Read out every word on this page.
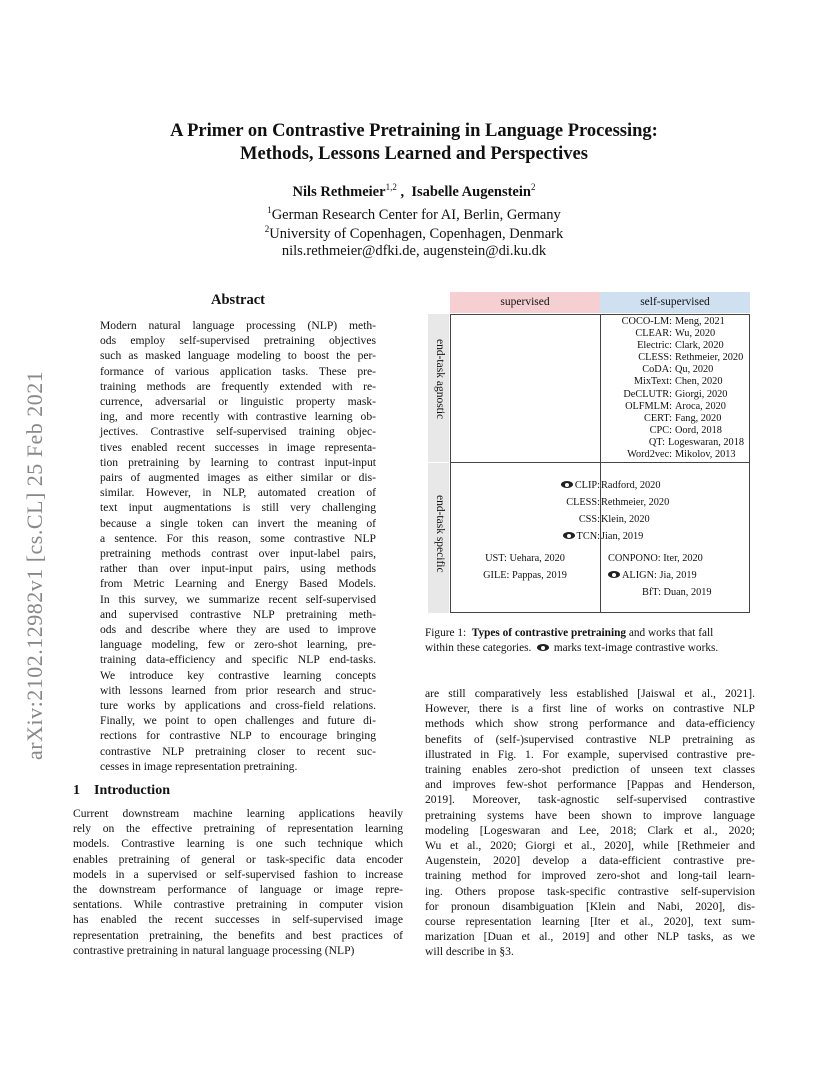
arXiv:2102.12982v1 [cs.CL] 25 Feb 2021
A Primer on Contrastive Pretraining in Language Processing:
Methods, Lessons Learned and Perspectives
Nils Rethmeier$^{1,2}$ ,  Isabelle Augenstein$^2$
$^1$German Research Center for AI, Berlin, Germany
$^2$University of Copenhagen, Copenhagen, Denmark
nils.rethmeier@dfki.de, augenstein@di.ku.dk
Abstract
Modern natural language processing (NLP) meth-
ods employ self-supervised pretraining objectives
such as masked language modeling to boost the per-
formance of various application tasks. These pre-
training methods are frequently extended with re-
currence, adversarial or linguistic property mask-
ing, and more recently with contrastive learning ob-
jectives. Contrastive self-supervised training objec-
tives enabled recent successes in image representa-
tion pretraining by learning to contrast input-input
pairs of augmented images as either similar or dis-
similar. However, in NLP, automated creation of
text input augmentations is still very challenging
because a single token can invert the meaning of
a sentence. For this reason, some contrastive NLP
pretraining methods contrast over input-label pairs,
rather than over input-input pairs, using methods
from Metric Learning and Energy Based Models.
In this survey, we summarize recent self-supervised
and supervised contrastive NLP pretraining meth-
ods and describe where they are used to improve
language modeling, few or zero-shot learning, pre-
training data-efficiency and specific NLP end-tasks.
We introduce key contrastive learning concepts
with lessons learned from prior research and struc-
ture works by applications and cross-field relations.
Finally, we point to open challenges and future di-
rections for contrastive NLP to encourage bringing
contrastive NLP pretraining closer to recent suc-
cesses in image representation pretraining.
1    Introduction
Current downstream machine learning applications heavily
rely on the effective pretraining of representation learning
models. Contrastive learning is one such technique which
enables pretraining of general or task-specific data encoder
models in a supervised or self-supervised fashion to increase
the downstream performance of language or image repre-
sentations. While contrastive pretraining in computer vision
has enabled the recent successes in self-supervised image
representation pretraining, the benefits and best practices of
contrastive pretraining in natural language processing (NLP)
are still comparatively less established [Jaiswal et al., 2021].
However, there is a first line of works on contrastive NLP
methods which show strong performance and data-efficiency
benefits of (self-)supervised contrastive NLP pretraining as
illustrated in Fig. 1. For example, supervised contrastive pre-
training enables zero-shot prediction of unseen text classes
and improves few-shot performance [Pappas and Henderson,
2019]. Moreover, task-agnostic self-supervised contrastive
pretraining systems have been shown to improve language
modeling [Logeswaran and Lee, 2018; Clark et al., 2020;
Wu et al., 2020; Giorgi et al., 2020], while [Rethmeier and
Augenstein, 2020] develop a data-efficient contrastive pre-
training method for improved zero-shot and long-tail learn-
ing. Others propose task-specific contrastive self-supervision
for pronoun disambiguation [Klein and Nabi, 2020], dis-
course representation learning [Iter et al., 2020], text sum-
marization [Duan et al., 2019] and other NLP tasks, as we
will describe in §3.
supervised	self-supervised
end-task agnostic
end-task specific
COCO-LM: Meng, 2021
CLEAR: Wu, 2020
Electric: Clark, 2020
CLESS: Rethmeier, 2020
CoDA: Qu, 2020
MixText: Chen, 2020
DeCLUTR: Giorgi, 2020
OLFMLM: Aroca, 2020
CERT: Fang, 2020
CPC: Oord, 2018
QT: Logeswaran, 2018
Word2vec: Mikolov, 2013
CLIP: Radford, 2020
CLESS: Rethmeier, 2020
CSS: Klein, 2020
TCN: Jian, 2019
UST: Uehara, 2020
GILE: Pappas, 2019
CONPONO: Iter, 2020
ALIGN: Jia, 2019
BfT: Duan, 2019
Figure 1:  Types of contrastive pretraining and works that fall
within these categories.   marks text-image contrastive works.
